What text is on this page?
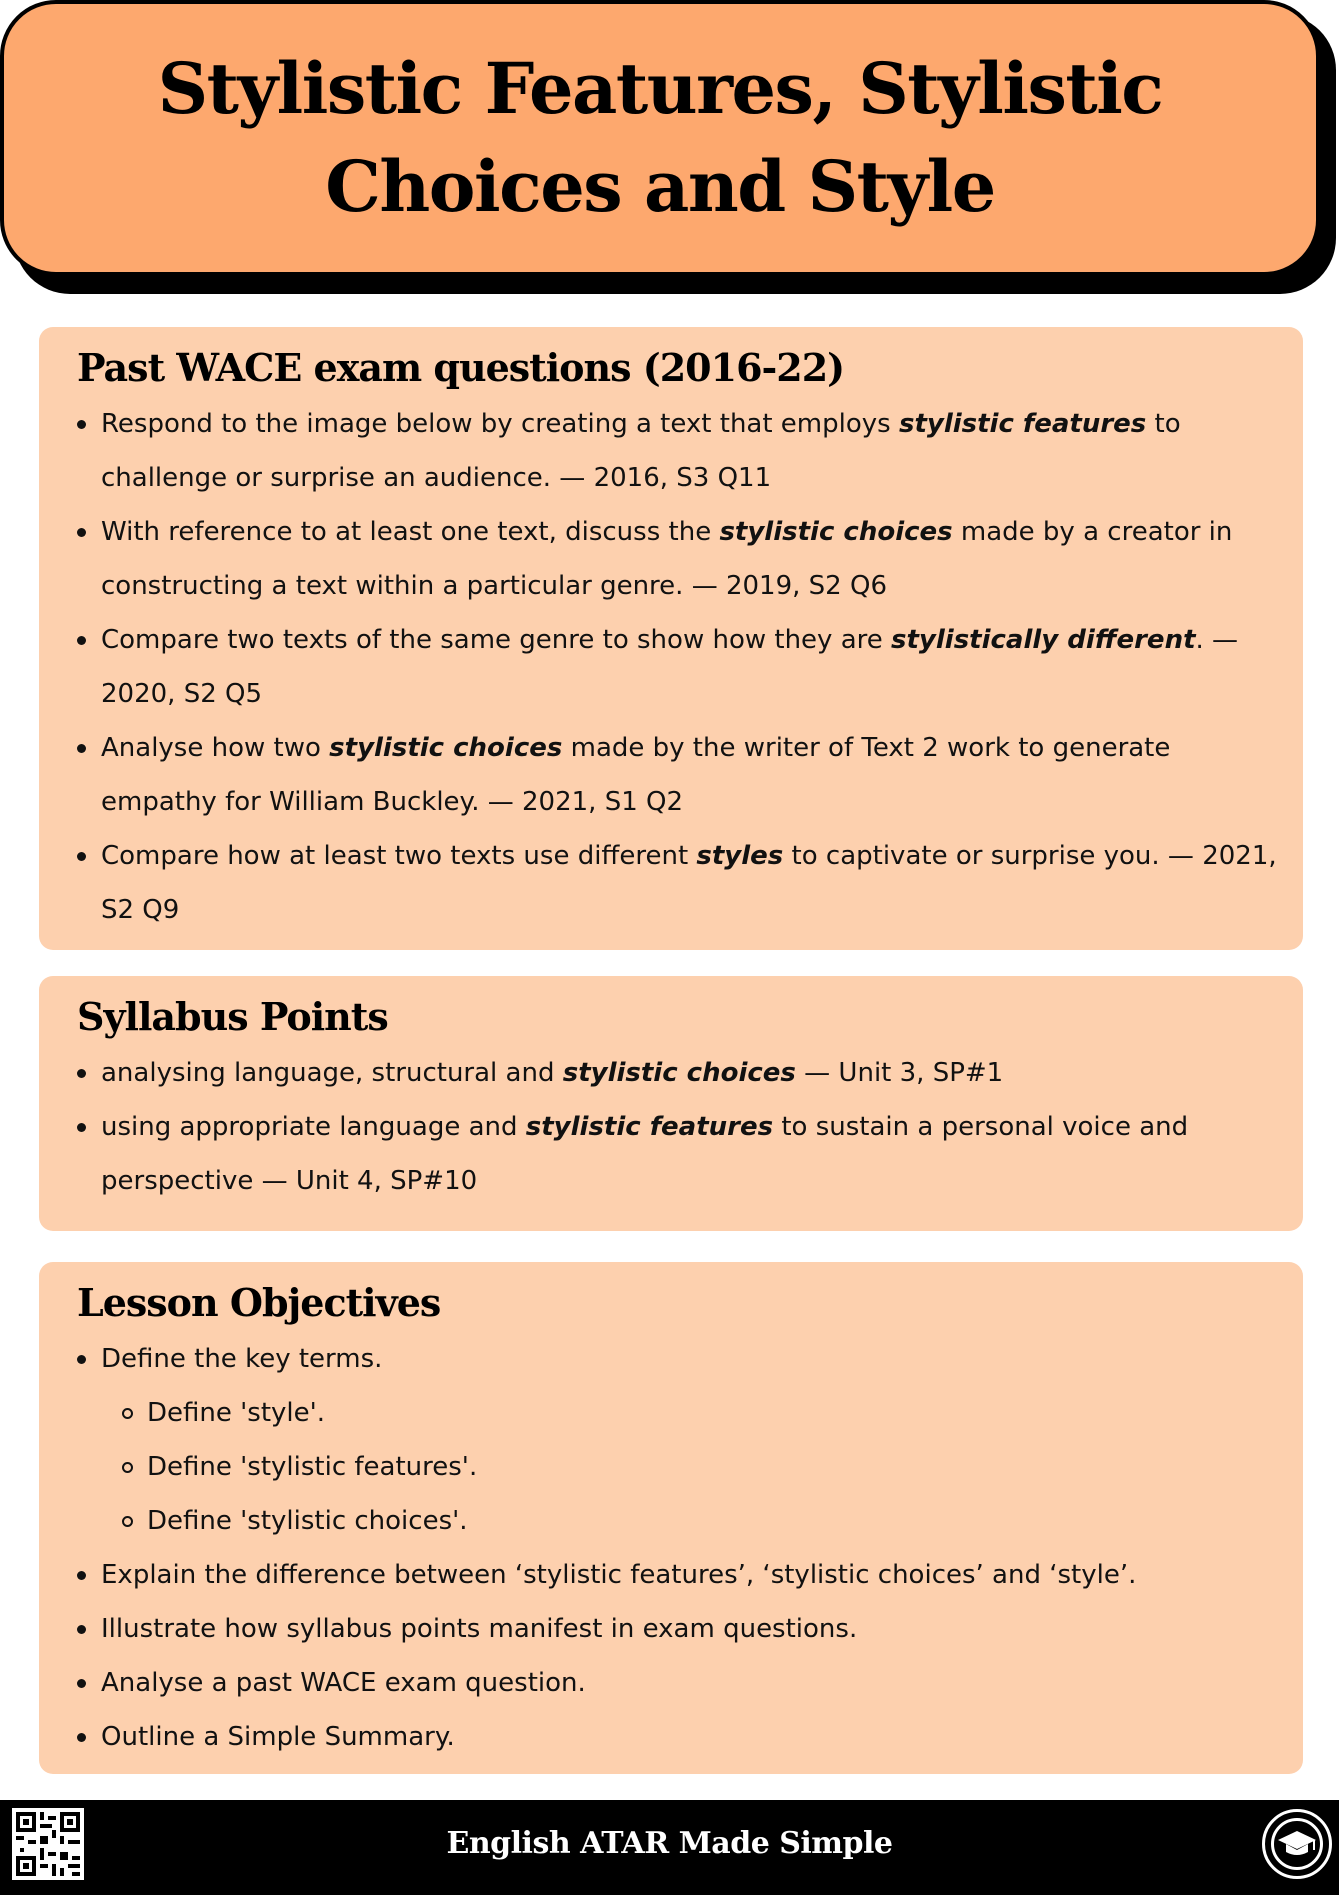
Stylistic Features, Stylistic Choices and Style
Past WACE exam questions (2016-22)
Respond to the image below by creating a text that employs stylistic features to challenge or surprise an audience. — 2016, S3 Q11
With reference to at least one text, discuss the stylistic choices made by a creator in constructing a text within a particular genre. — 2019, S2 Q6
Compare two texts of the same genre to show how they are stylistically different. — 2020, S2 Q5
Analyse how two stylistic choices made by the writer of Text 2 work to generate empathy for William Buckley. — 2021, S1 Q2
Compare how at least two texts use different styles to captivate or surprise you. — 2021, S2 Q9
Syllabus Points
analysing language, structural and stylistic choices — Unit 3, SP#1
using appropriate language and stylistic features to sustain a personal voice and perspective — Unit 4, SP#10
Lesson Objectives
Define the key terms.
Define 'style'.
Define 'stylistic features'.
Define 'stylistic choices'.
Explain the difference between ‘stylistic features’, ‘stylistic choices’ and ‘style’.
Illustrate how syllabus points manifest in exam questions.
Analyse a past WACE exam question.
Outline a Simple Summary.
English ATAR Made Simple
